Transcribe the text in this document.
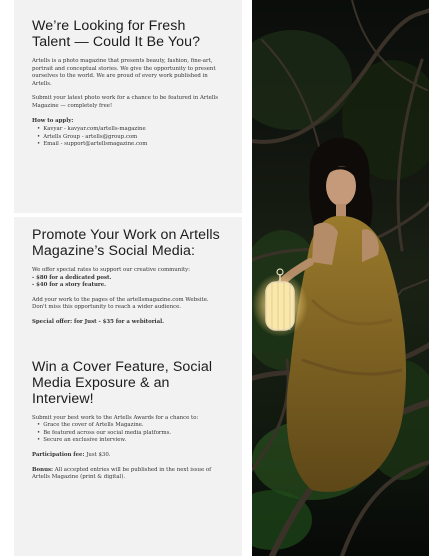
We’re Looking for Fresh Talent — Could It Be You?

Artells is a photo magazine that presents beauty, fashion, fine-art, portrait and conceptual stories. We give the opportunity to present ourselves to the world. We are proud of every work published in Artells.

Submit your latest photo work for a chance to be featured in Artells Magazine — completely free!

How to apply:

• Kavyar - kavyar.com/artells-magazine
• Artells Group - artells@group.com
• Email - support@artellsmagazine.com
Promote Your Work on Artells Magazine’s Social Media:

We offer special rates to support our creative community:

- $80 for a dedicated post.

- $40 for a story feature.

Add your work to the pages of the artellsmagazine.com Website. Don't miss this opportunity to reach a wider audience.

Special offer: for Just - $35 for a webitorial.

Win a Cover Feature, Social Media Exposure & an Interview!

Submit your best work to the Artells Awards for a chance to:

• Grace the cover of Artells Magazine.
• Be featured across our social media platforms.
• Secure an exclusive interview.

Participation fee: Just $30.

Bonus: All accepted entries will be published in the next issue of Artells Magazine (print & digital).
